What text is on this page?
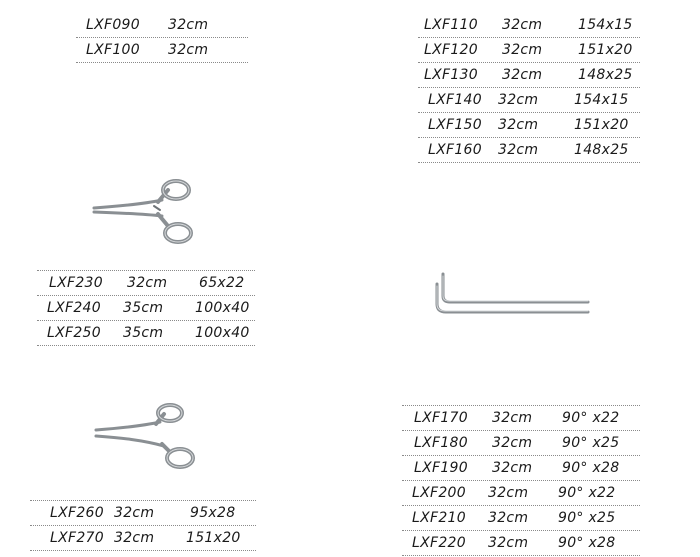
LXF090 32cm
LXF100 32cm
LXF110 32cm	154x15
LXF120 32cm	151x20
LXF130 32cm	148x25
LXF140 32cm	154x15
LXF150 32cm	151x20
LXF160 32cm	148x25
LXF230 32cm 65x22
LXF240 35cm 100x40
LXF250 35cm 100x40
LXF260 32cm	95x28
LXF270 32cm 151x20
LXF170 32cm 90° x22
LXF180 32cm 90° x25
LXF190 32cm 90° x28
LXF200 32cm 90° x22
LXF210 32cm 90° x25
LXF220 32cm 90° x28
